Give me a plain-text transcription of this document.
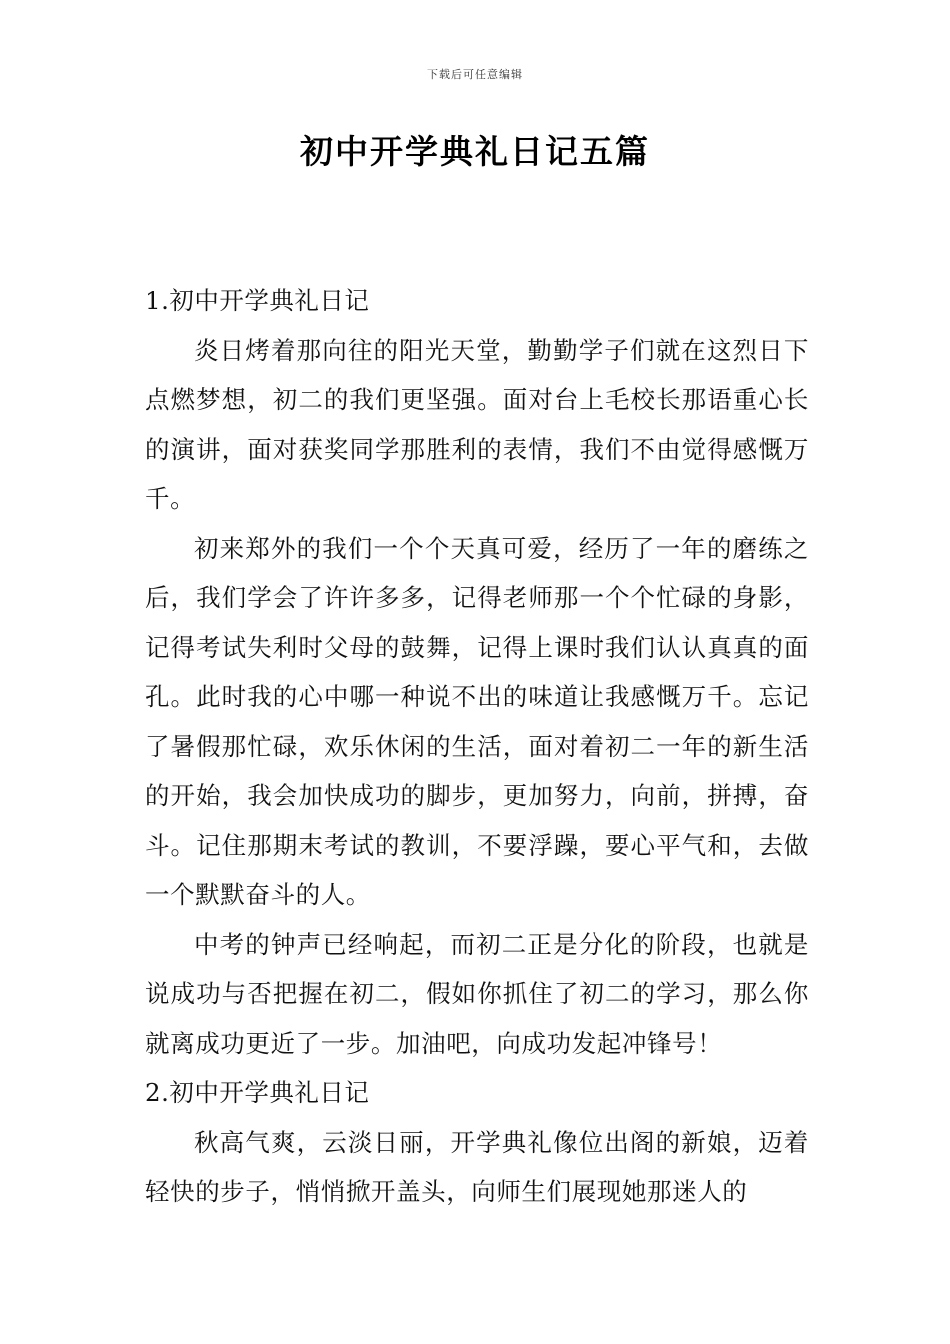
下载后可任意编辑
初中开学典礼日记五篇

1.初中开学典礼日记

炎日烤着那向往的阳光天堂，勤勤学子们就在这烈日下点燃梦想，初二的我们更坚强。面对台上毛校长那语重心长的演讲，面对获奖同学那胜利的表情，我们不由觉得感慨万千。

初来郑外的我们一个个天真可爱，经历了一年的磨练之后，我们学会了许许多多，记得老师那一个个忙碌的身影，记得考试失利时父母的鼓舞，记得上课时我们认认真真的面孔。此时我的心中哪一种说不出的味道让我感慨万千。忘记了暑假那忙碌，欢乐休闲的生活，面对着初二一年的新生活的开始，我会加快成功的脚步，更加努力，向前，拼搏，奋斗。记住那期末考试的教训，不要浮躁，要心平气和，去做一个默默奋斗的人。

中考的钟声已经响起，而初二正是分化的阶段，也就是说成功与否把握在初二，假如你抓住了初二的学习，那么你就离成功更近了一步。加油吧，向成功发起冲锋号！

2.初中开学典礼日记

秋高气爽，云淡日丽，开学典礼像位出阁的新娘，迈着轻快的步子，悄悄掀开盖头，向师生们展现她那迷人的
